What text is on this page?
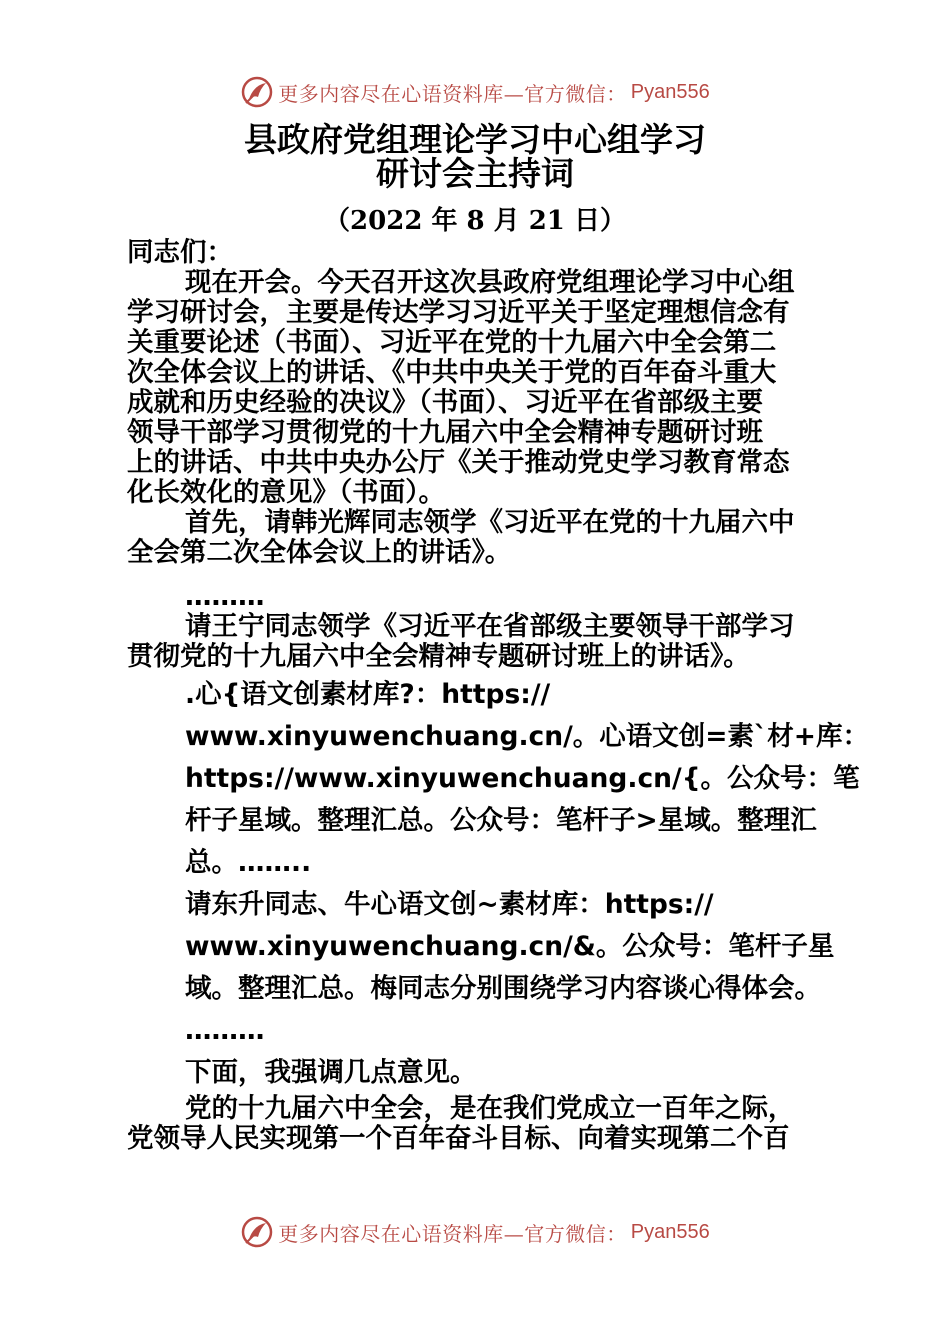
更多内容尽在心语资料库—官方微信： Pyan556
县政府党组理论学习中心组学习
研讨会主持词
（2022 年 8 月 21 日）

同志们：

现在开会。今天召开这次县政府党组理论学习中心组

学习研讨会，主要是传达学习习近平关于坚定理想信念有

关重要论述（书面）、习近平在党的十九届六中全会第二

次全体会议上的讲话、《中共中央关于党的百年奋斗重大

成就和历史经验的决议》（书面）、习近平在省部级主要

领导干部学习贯彻党的十九届六中全会精神专题研讨班

上的讲话、中共中央办公厅《关于推动党史学习教育常态

化长效化的意见》（书面）。

首先，请韩光辉同志领学《习近平在党的十九届六中

全会第二次全体会议上的讲话》。

………

请王宁同志领学《习近平在省部级主要领导干部学习

贯彻党的十九届六中全会精神专题研讨班上的讲话》。

.心{语文创素材库?：https://

www.xinyuwenchuang.cn/。心语文创=素`材+库：

https://www.xinyuwenchuang.cn/{。公众号：笔

杆子星域。整理汇总。公众号：笔杆子>星域。整理汇

总。……..

请东升同志、牛心语文创~素材库：https://

www.xinyuwenchuang.cn/&。公众号：笔杆子星

域。整理汇总。梅同志分别围绕学习内容谈心得体会。

………

下面，我强调几点意见。

党的十九届六中全会，是在我们党成立一百年之际，

党领导人民实现第一个百年奋斗目标、向着实现第二个百

更多内容尽在心语资料库—官方微信： Pyan556
